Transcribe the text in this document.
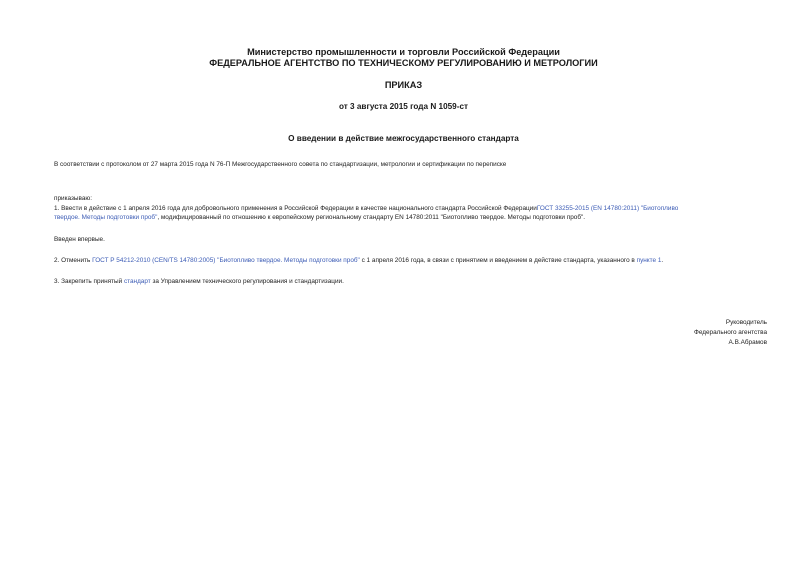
Министерство промышленности и торговли Российской Федерации
ФЕДЕРАЛЬНОЕ АГЕНТСТВО ПО ТЕХНИЧЕСКОМУ РЕГУЛИРОВАНИЮ И МЕТРОЛОГИИ
ПРИКАЗ
от 3 августа 2015 года N 1059-ст
О введении в действие межгосударственного стандарта
В соответствии с протоколом от 27 марта 2015 года N 76-П Межгосударственного совета по стандартизации, метрологии и сертификации по переписке
приказываю:
1. Ввести в действие с 1 апреля 2016 года для добровольного применения в Российской Федерации в качестве национального стандарта Российской ФедерацииГОСТ 33255-2015 (EN 14780:2011) "Биотопливо
твердое. Методы подготовки проб", модифицированный по отношению к европейскому региональному стандарту EN 14780:2011 "Биотопливо твердое. Методы подготовки проб".
Введен впервые.
2. Отменить ГОСТ Р 54212-2010 (CEN/TS 14780:2005) "Биотопливо твердое. Методы подготовки проб" с 1 апреля 2016 года, в связи с принятием и введением в действие стандарта, указанного в пункте 1.
3. Закрепить принятый стандарт за Управлением технического регулирования и стандартизации.
Руководитель
Федерального агентства
А.В.Абрамов
